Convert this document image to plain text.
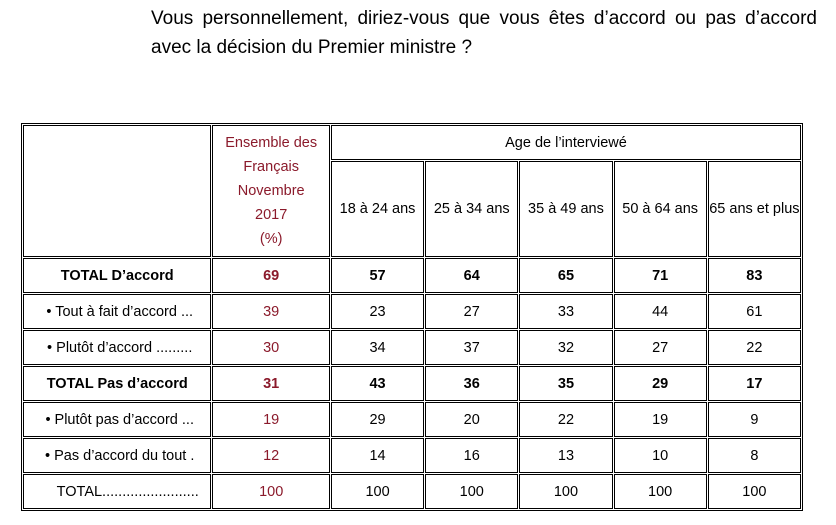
Vous personnellement, diriez-vous que vous êtes d’accord ou pas d’accord avec la décision du Premier ministre ?

	Ensemble des
Français
Novembre
2017
(%)	Age de l’interviewé				
		18 à 24 ans	25 à 34 ans	35 à 49 ans	50 à 64 ans	65 ans et plus
TOTAL D’accord	69	57	64	65	71	83
• Tout à fait d’accord ...	39	23	27	33	44	61
• Plutôt d’accord .........	30	34	37	32	27	22
TOTAL Pas d’accord	31	43	36	35	29	17
• Plutôt pas d’accord ...	19	29	20	22	19	9
• Pas d’accord du tout .	12	14	16	13	10	8
TOTAL........................	100	100	100	100	100	100
